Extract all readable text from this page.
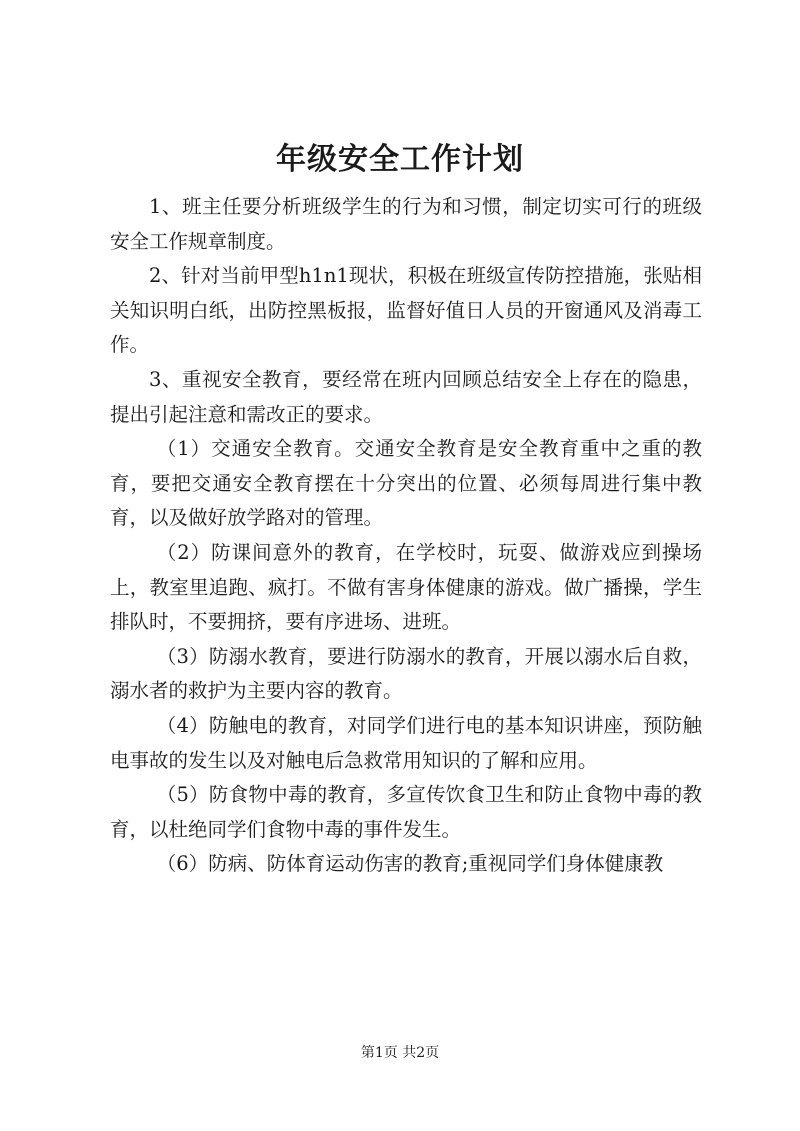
年级安全工作计划

1、班主任要分析班级学生的行为和习惯，制定切实可行的班级安全工作规章制度。

2、针对当前甲型h1n1现状，积极在班级宣传防控措施，张贴相关知识明白纸，出防控黑板报，监督好值日人员的开窗通风及消毒工作。

3、重视安全教育，要经常在班内回顾总结安全上存在的隐患，提出引起注意和需改正的要求。

（1）交通安全教育。交通安全教育是安全教育重中之重的教育，要把交通安全教育摆在十分突出的位置、必须每周进行集中教育，以及做好放学路对的管理。

（2）防课间意外的教育，在学校时，玩耍、做游戏应到操场上，教室里追跑、疯打。不做有害身体健康的游戏。做广播操，学生排队时，不要拥挤，要有序进场、进班。

（3）防溺水教育，要进行防溺水的教育，开展以溺水后自救，溺水者的救护为主要内容的教育。

（4）防触电的教育，对同学们进行电的基本知识讲座，预防触电事故的发生以及对触电后急救常用知识的了解和应用。

（5）防食物中毒的教育，多宣传饮食卫生和防止食物中毒的教育，以杜绝同学们食物中毒的事件发生。

（6）防病、防体育运动伤害的教育;重视同学们身体健康教

第1页 共2页
